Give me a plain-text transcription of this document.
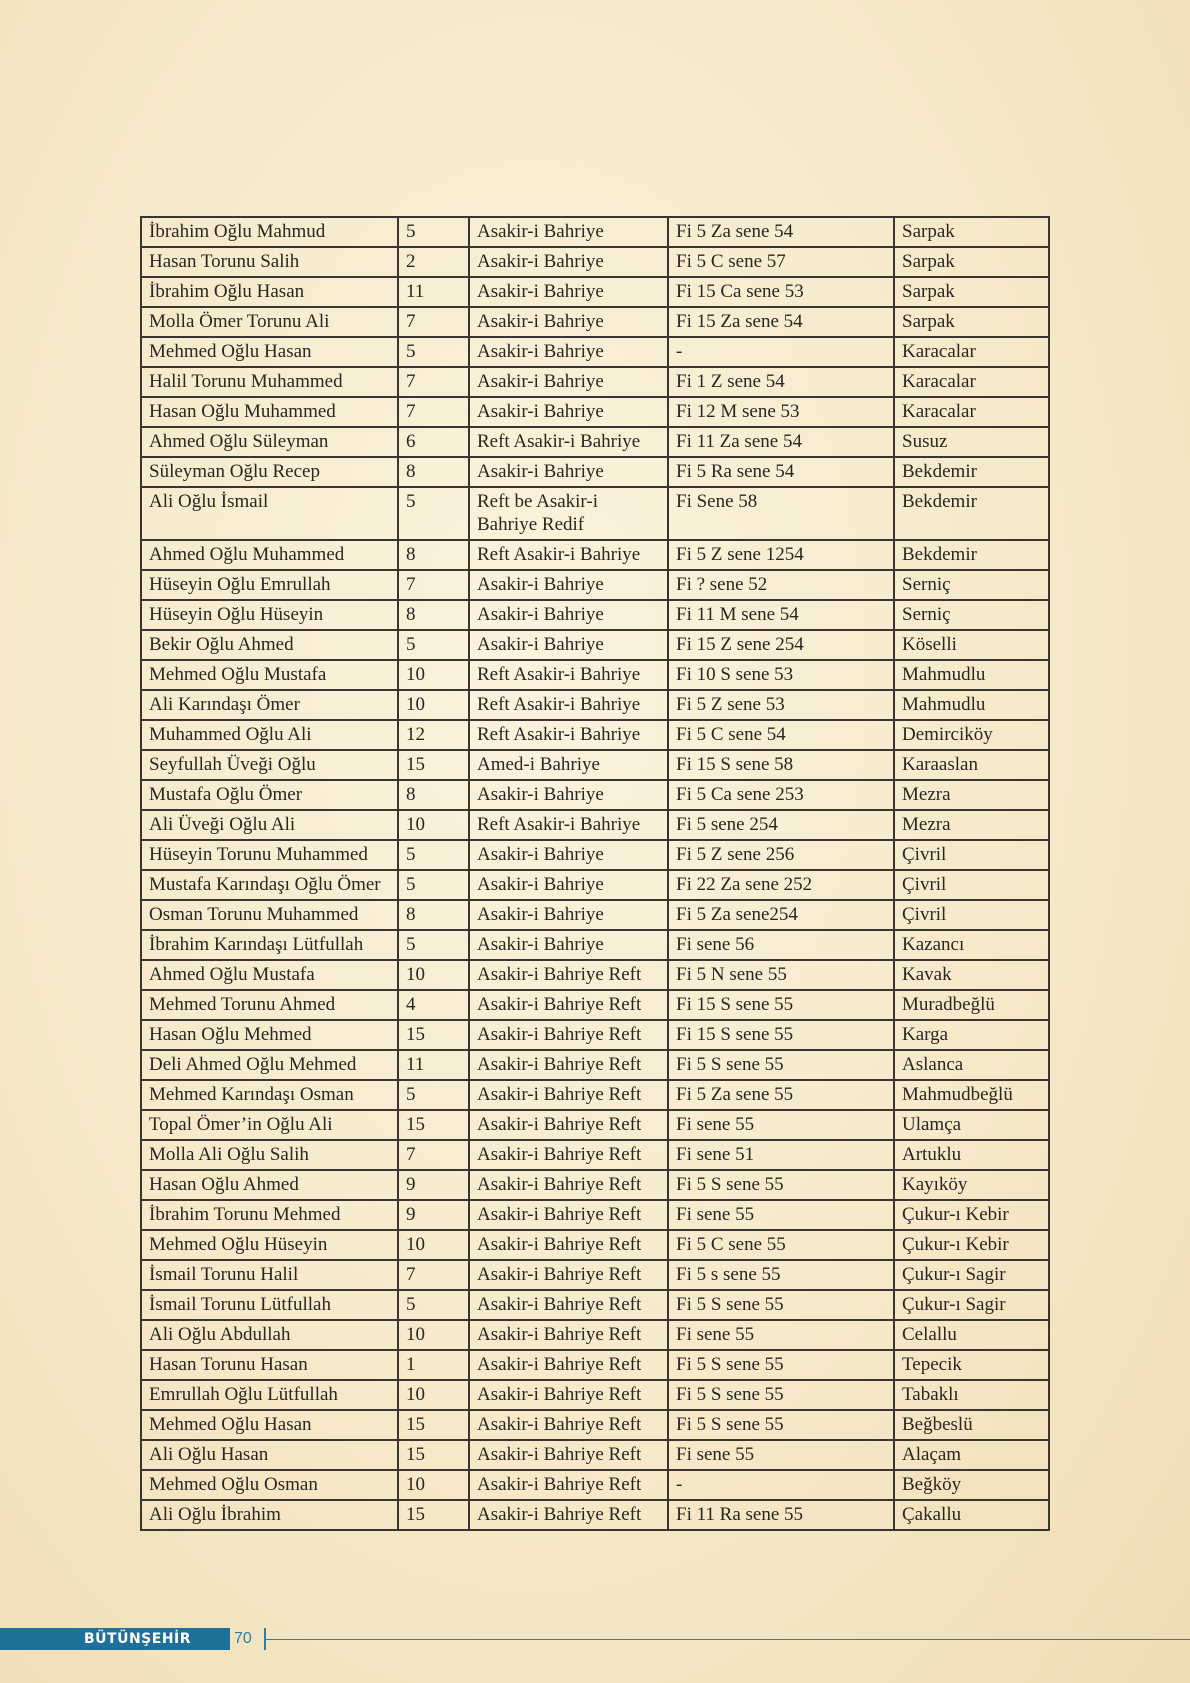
İbrahim Oğlu Mahmud	5	Asakir-i Bahriye	Fi 5 Za sene 54	Sarpak
Hasan Torunu Salih	2	Asakir-i Bahriye	Fi 5 C sene 57	Sarpak
İbrahim Oğlu Hasan	11	Asakir-i Bahriye	Fi 15 Ca sene 53	Sarpak
Molla Ömer Torunu Ali	7	Asakir-i Bahriye	Fi 15 Za sene 54	Sarpak
Mehmed Oğlu Hasan	5	Asakir-i Bahriye	-	Karacalar
Halil Torunu Muhammed	7	Asakir-i Bahriye	Fi 1 Z sene 54	Karacalar
Hasan Oğlu Muhammed	7	Asakir-i Bahriye	Fi 12 M sene 53	Karacalar
Ahmed Oğlu Süleyman	6	Reft Asakir-i Bahriye	Fi 11 Za sene 54	Susuz
Süleyman Oğlu Recep	8	Asakir-i Bahriye	Fi 5 Ra sene 54	Bekdemir
Ali Oğlu İsmail	5	Reft be Asakir-i Bahriye Redif	Fi Sene 58	Bekdemir
Ahmed Oğlu Muhammed	8	Reft Asakir-i Bahriye	Fi 5 Z sene 1254	Bekdemir
Hüseyin Oğlu Emrullah	7	Asakir-i Bahriye	Fi ? sene 52	Serniç
Hüseyin Oğlu Hüseyin	8	Asakir-i Bahriye	Fi 11 M sene 54	Serniç
Bekir Oğlu Ahmed	5	Asakir-i Bahriye	Fi 15 Z sene 254	Köselli
Mehmed Oğlu Mustafa	10	Reft Asakir-i Bahriye	Fi 10 S sene 53	Mahmudlu
Ali Karındaşı Ömer	10	Reft Asakir-i Bahriye	Fi 5 Z sene 53	Mahmudlu
Muhammed Oğlu Ali	12	Reft Asakir-i Bahriye	Fi 5 C sene 54	Demirciköy
Seyfullah Üveği Oğlu	15	Amed-i Bahriye	Fi 15 S sene 58	Karaaslan
Mustafa Oğlu Ömer	8	Asakir-i Bahriye	Fi 5 Ca sene 253	Mezra
Ali Üveği Oğlu Ali	10	Reft Asakir-i Bahriye	Fi 5 sene 254	Mezra
Hüseyin Torunu Muhammed	5	Asakir-i Bahriye	Fi 5 Z sene 256	Çivril
Mustafa Karındaşı Oğlu Ömer	5	Asakir-i Bahriye	Fi 22 Za sene 252	Çivril
Osman Torunu Muhammed	8	Asakir-i Bahriye	Fi 5 Za sene254	Çivril
İbrahim Karındaşı Lütfullah	5	Asakir-i Bahriye	Fi sene 56	Kazancı
Ahmed Oğlu Mustafa	10	Asakir-i Bahriye Reft	Fi 5 N sene 55	Kavak
Mehmed Torunu Ahmed	4	Asakir-i Bahriye Reft	Fi 15 S sene 55	Muradbeğlü
Hasan Oğlu Mehmed	15	Asakir-i Bahriye Reft	Fi 15 S sene 55	Karga
Deli Ahmed Oğlu Mehmed	11	Asakir-i Bahriye Reft	Fi 5 S sene 55	Aslanca
Mehmed Karındaşı Osman	5	Asakir-i Bahriye Reft	Fi 5 Za sene 55	Mahmudbeğlü
Topal Ömer’in Oğlu Ali	15	Asakir-i Bahriye Reft	Fi sene 55	Ulamça
Molla Ali Oğlu Salih	7	Asakir-i Bahriye Reft	Fi sene 51	Artuklu
Hasan Oğlu Ahmed	9	Asakir-i Bahriye Reft	Fi 5 S sene 55	Kayıköy
İbrahim Torunu Mehmed	9	Asakir-i Bahriye Reft	Fi sene 55	Çukur-ı Kebir
Mehmed Oğlu Hüseyin	10	Asakir-i Bahriye Reft	Fi 5 C sene 55	Çukur-ı Kebir
İsmail Torunu Halil	7	Asakir-i Bahriye Reft	Fi 5 s sene 55	Çukur-ı Sagir
İsmail Torunu Lütfullah	5	Asakir-i Bahriye Reft	Fi 5 S sene 55	Çukur-ı Sagir
Ali Oğlu Abdullah	10	Asakir-i Bahriye Reft	Fi sene 55	Celallu
Hasan Torunu Hasan	1	Asakir-i Bahriye Reft	Fi 5 S sene 55	Tepecik
Emrullah Oğlu Lütfullah	10	Asakir-i Bahriye Reft	Fi 5 S sene 55	Tabaklı
Mehmed Oğlu Hasan	15	Asakir-i Bahriye Reft	Fi 5 S sene 55	Beğbeslü
Ali Oğlu Hasan	15	Asakir-i Bahriye Reft	Fi sene 55	Alaçam
Mehmed Oğlu Osman	10	Asakir-i Bahriye Reft	-	Beğköy
Ali Oğlu İbrahim	15	Asakir-i Bahriye Reft	Fi 11 Ra sene 55	Çakallu
BÜTÜNŞEHİR	70
